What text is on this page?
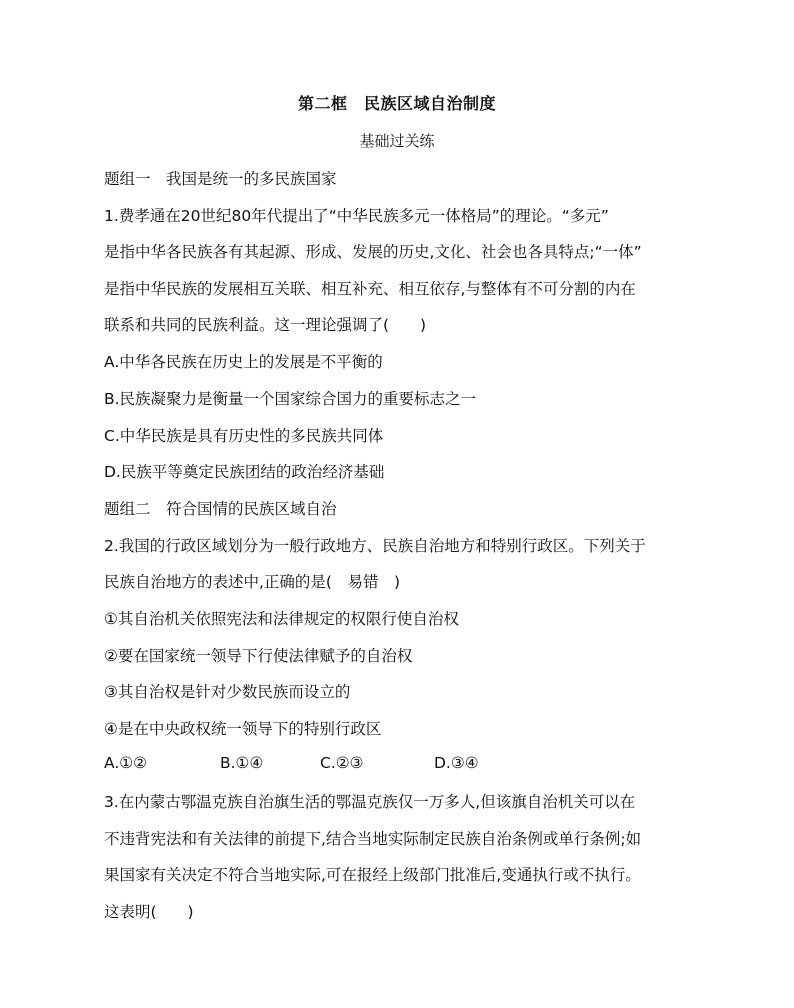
第二框　民族区域自治制度
基础过关练
题组一　我国是统一的多民族国家
1.费孝通在20世纪80年代提出了“中华民族多元一体格局”的理论。“多元”
是指中华各民族各有其起源、形成、发展的历史,文化、社会也各具特点;“一体”
是指中华民族的发展相互关联、相互补充、相互依存,与整体有不可分割的内在
联系和共同的民族利益。这一理论强调了(　　)
A.中华各民族在历史上的发展是不平衡的
B.民族凝聚力是衡量一个国家综合国力的重要标志之一
C.中华民族是具有历史性的多民族共同体
D.民族平等奠定民族团结的政治经济基础
题组二　符合国情的民族区域自治
2.我国的行政区域划分为一般行政地方、民族自治地方和特别行政区。下列关于
民族自治地方的表述中,正确的是(　易错　)
①其自治机关依照宪法和法律规定的权限行使自治权
②要在国家统一领导下行使法律赋予的自治权
③其自治权是针对少数民族而设立的
④是在中央政权统一领导下的特别行政区
A.①②	B.①④	C.②③	D.③④
3.在内蒙古鄂温克族自治旗生活的鄂温克族仅一万多人,但该旗自治机关可以在
不违背宪法和有关法律的前提下,结合当地实际制定民族自治条例或单行条例;如
果国家有关决定不符合当地实际,可在报经上级部门批准后,变通执行或不执行。
这表明(　　)
